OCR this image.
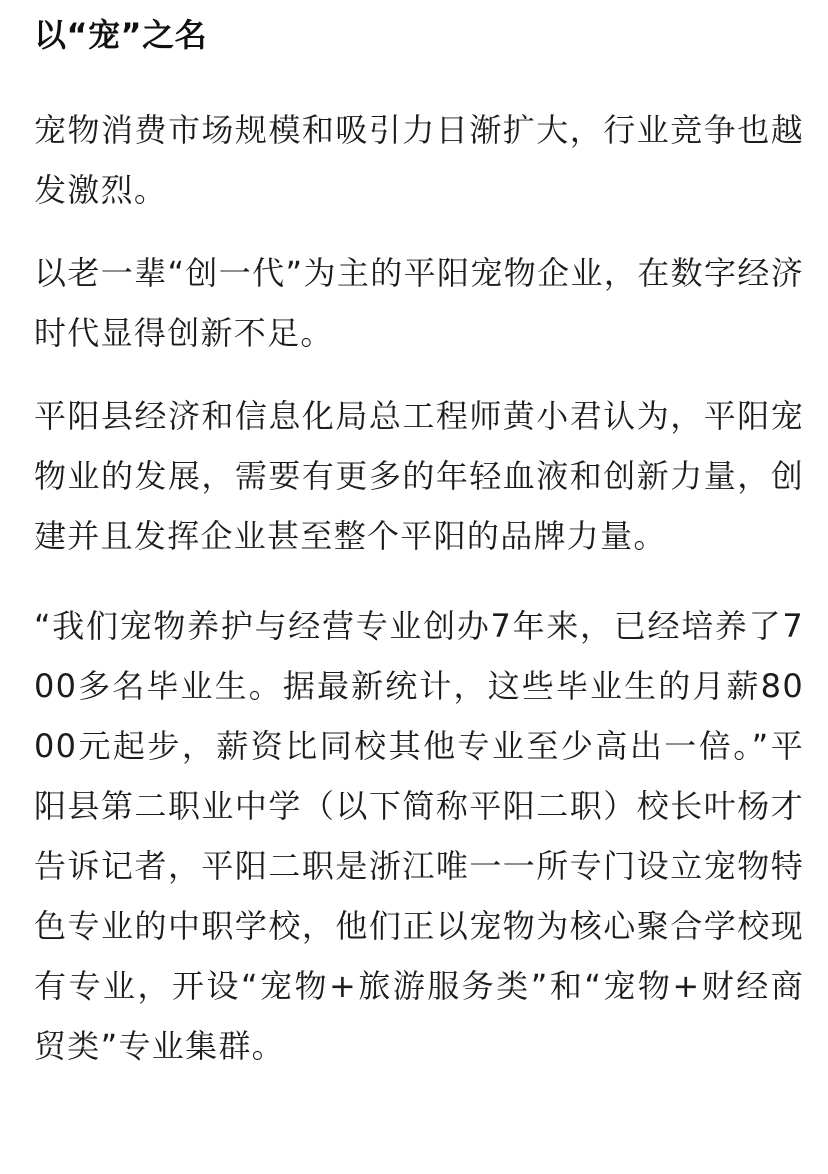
以“宠”之名

宠物消费市场规模和吸引力日渐扩大，行业竞争也越发激烈。

以老一辈“创一代”为主的平阳宠物企业，在数字经济时代显得创新不足。

平阳县经济和信息化局总工程师黄小君认为，平阳宠物业的发展，需要有更多的年轻血液和创新力量，创建并且发挥企业甚至整个平阳的品牌力量。

“我们宠物养护与经营专业创办7年来，已经培养了700多名毕业生。据最新统计，这些毕业生的月薪8000元起步，薪资比同校其他专业至少高出一倍。”平阳县第二职业中学（以下简称平阳二职）校长叶杨才告诉记者，平阳二职是浙江唯一一所专门设立宠物特色专业的中职学校，他们正以宠物为核心聚合学校现有专业，开设“宠物+旅游服务类”和“宠物+财经商贸类”专业集群。
